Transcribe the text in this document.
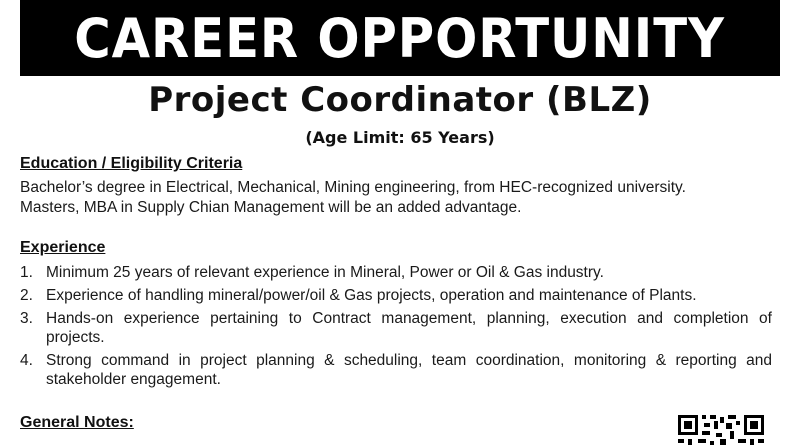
CAREER OPPORTUNITY
Project Coordinator (BLZ)
(Age Limit: 65 Years)
Education / Eligibility Criteria
Bachelor’s degree in Electrical, Mechanical, Mining engineering, from HEC-recognized university.
Masters, MBA in Supply Chian Management will be an added advantage.
Experience
1. Minimum 25 years of relevant experience in Mineral, Power or Oil & Gas industry.
2. Experience of handling mineral/power/oil & Gas projects, operation and maintenance of Plants.
3. Hands-on experience pertaining to Contract management, planning, execution and completion of projects.
4. Strong command in project planning & scheduling, team coordination, monitoring & reporting and stakeholder engagement.
General Notes:
